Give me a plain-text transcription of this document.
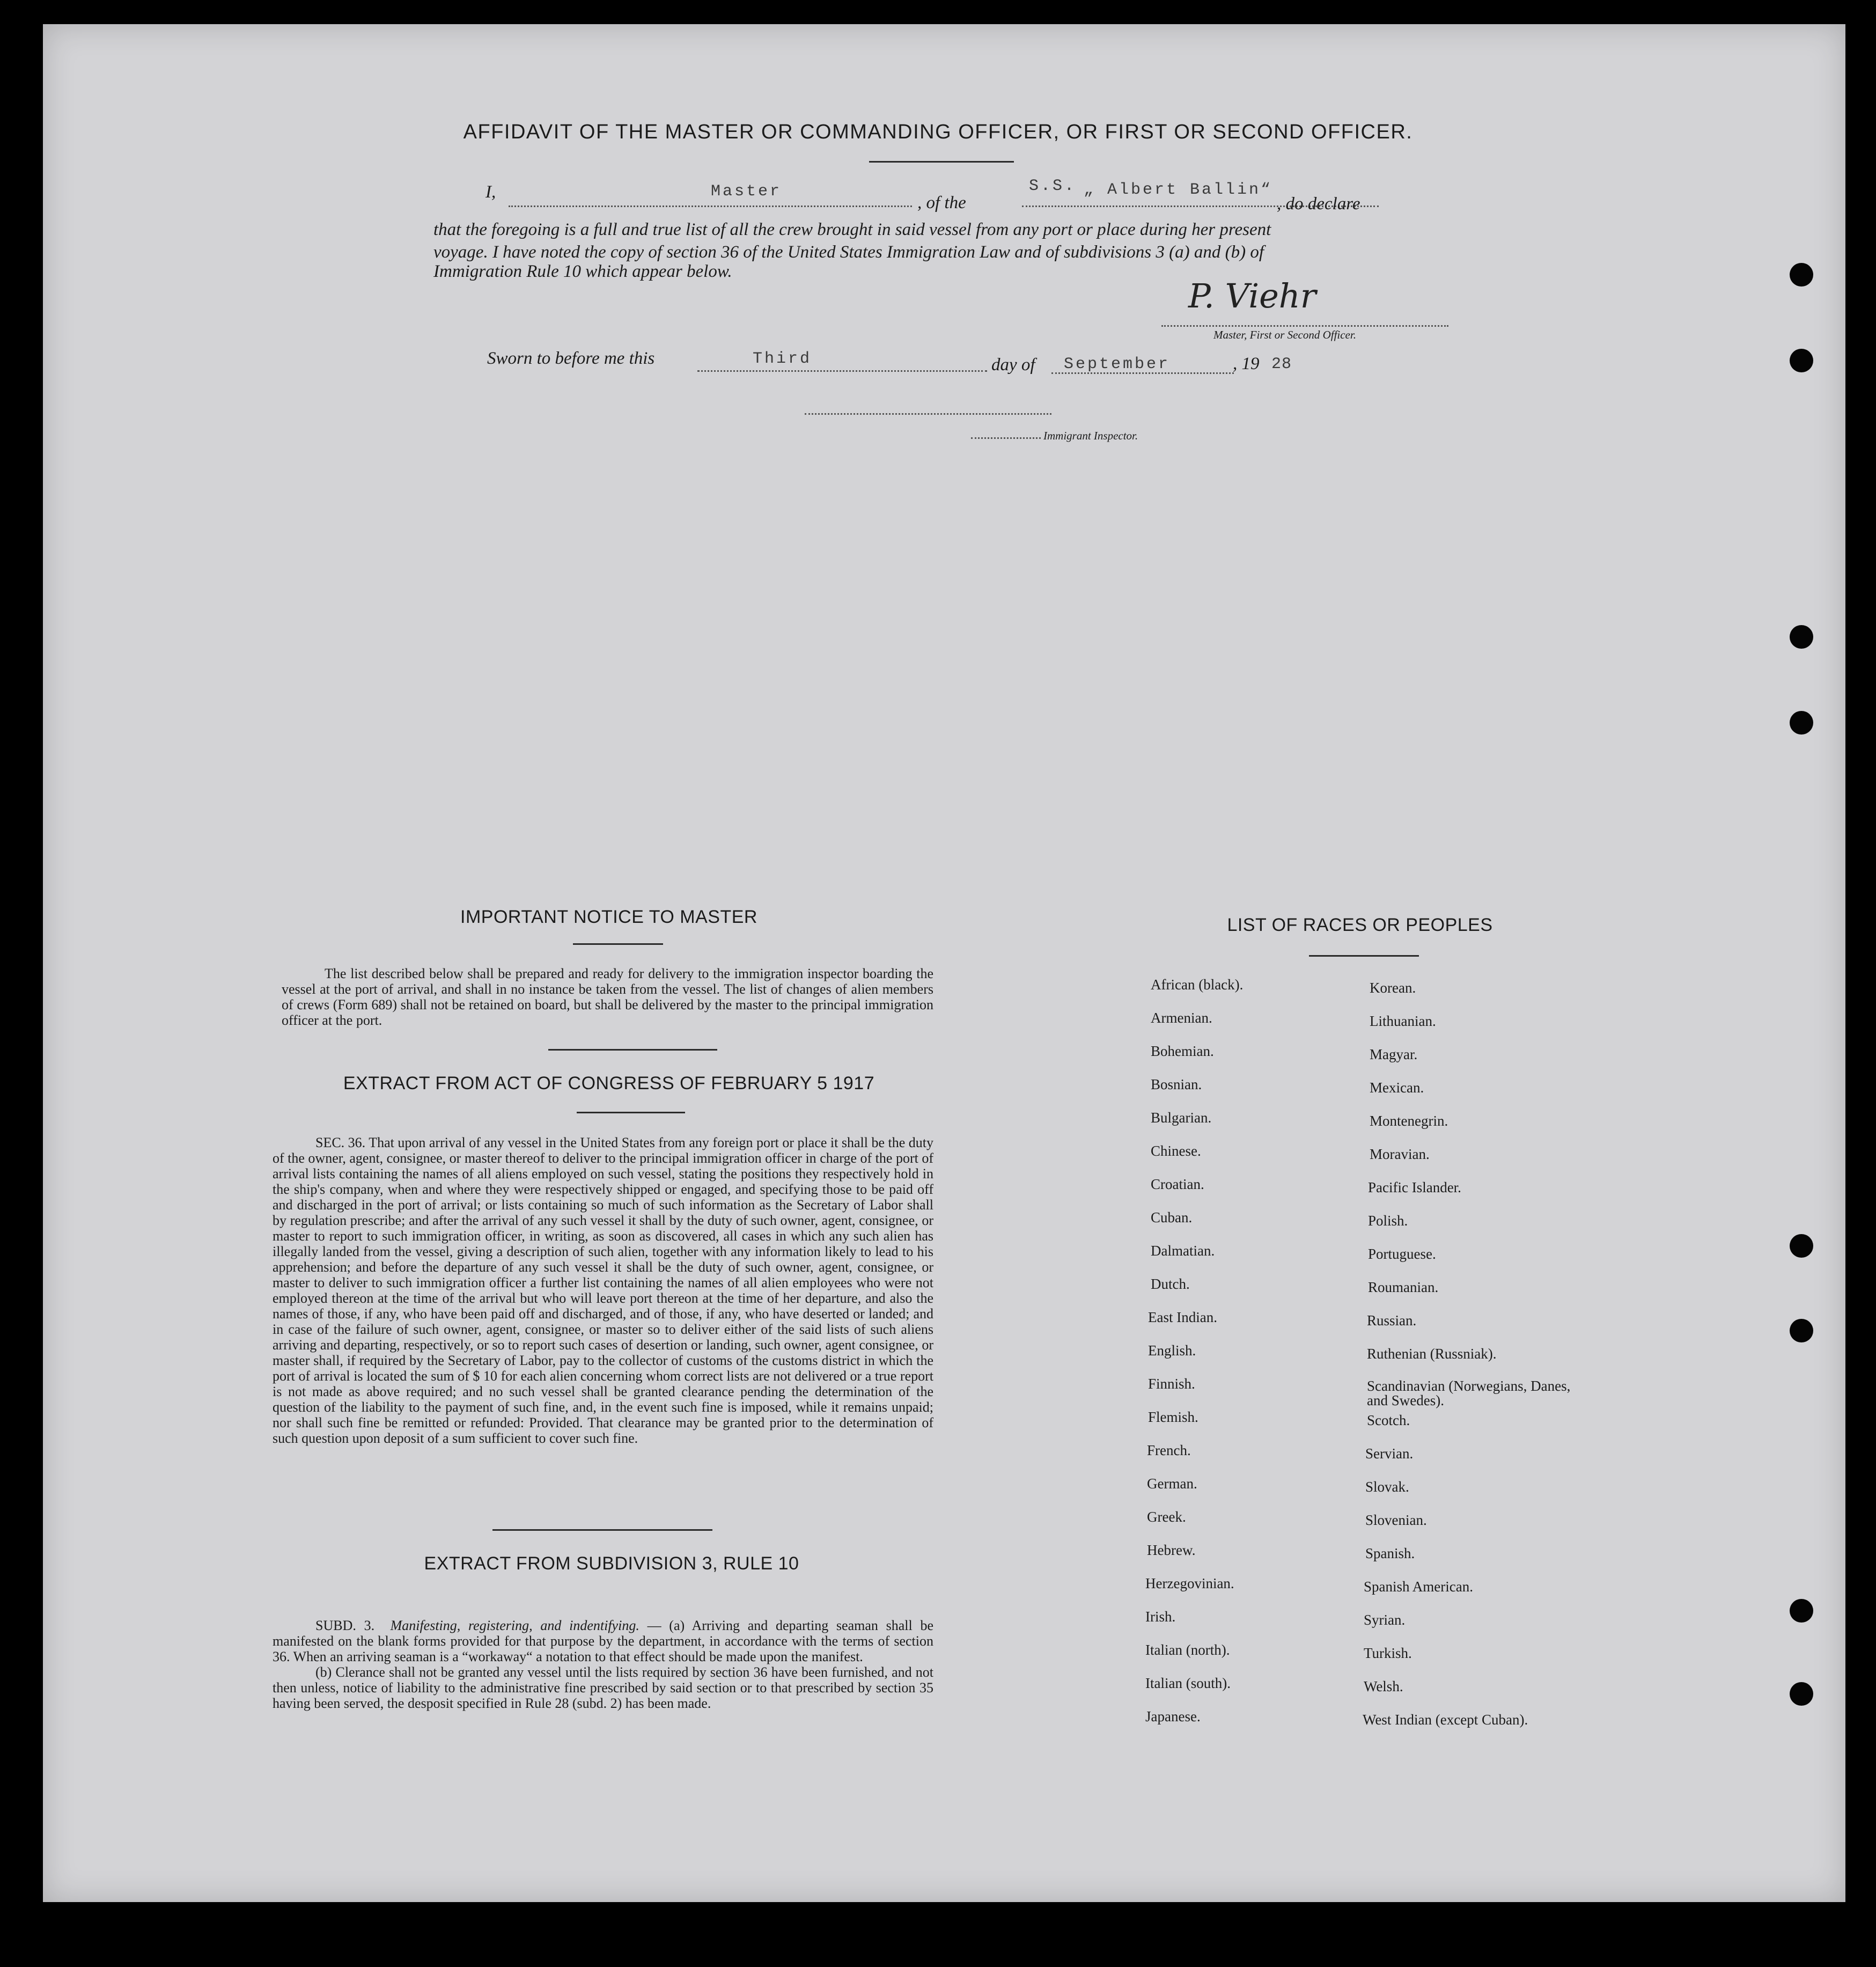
AFFIDAVIT OF THE MASTER OR COMMANDING OFFICER, OR FIRST OR SECOND OFFICER.
I,	Master
, of the
S.S. „ Albert Ballin“
, do declare
that the foregoing is a full and true list of all the crew brought in said vessel from any port or place during her present
voyage. I have noted the copy of section 36 of the United States Immigration Law and of subdivisions 3 (a) and (b) of
Immigration Rule 10 which appear below.
P. Viehr
Master, First or Second Officer.
Sworn to before me this	Third	day of September	, 19 28
Immigrant Inspector.
IMPORTANT NOTICE TO MASTER

The list described below shall be prepared and ready for delivery to the immigration inspector boarding the vessel at the port of arrival, and shall in no instance be taken from the vessel. The list of changes of alien members of crews (Form 689) shall not be retained on board, but shall be delivered by the master to the principal immigration officer at the port.

EXTRACT FROM ACT OF CONGRESS OF FEBRUARY 5 1917

SEC. 36. That upon arrival of any vessel in the United States from any foreign port or place it shall be the duty of the owner, agent, consignee, or master thereof to deliver to the principal immigration officer in charge of the port of arrival lists containing the names of all aliens employed on such vessel, stating the positions they respectively hold in the ship's company, when and where they were respectively shipped or engaged, and specifying those to be paid off and discharged in the port of arrival; or lists containing so much of such information as the Secretary of Labor shall by regulation prescribe; and after the arrival of any such vessel it shall by the duty of such owner, agent, consignee, or master to report to such immigration officer, in writing, as soon as discovered, all cases in which any such alien has illegally landed from the vessel, giving a description of such alien, together with any information likely to lead to his apprehension; and before the departure of any such vessel it shall be the duty of such owner, agent, consignee, or master to deliver to such immigration officer a further list containing the names of all alien employees who were not employed thereon at the time of the arrival but who will leave port thereon at the time of her departure, and also the names of those, if any, who have been paid off and discharged, and of those, if any, who have deserted or landed; and in case of the failure of such owner, agent, consignee, or master so to deliver either of the said lists of such aliens arriving and departing, respectively, or so to report such cases of desertion or landing, such owner, agent consignee, or master shall, if required by the Secretary of Labor, pay to the collector of customs of the customs district in which the port of arrival is located the sum of $ 10 for each alien concerning whom correct lists are not delivered or a true report is not made as above required; and no such vessel shall be granted clearance pending the determination of the question of the liability to the payment of such fine, and, in the event such fine is imposed, while it remains unpaid; nor shall such fine be remitted or refunded: Provided. That clearance may be granted prior to the determination of such question upon deposit of a sum sufficient to cover such fine.

EXTRACT FROM SUBDIVISION 3, RULE 10

SUBD. 3. Manifesting, registering, and indentifying. — (a) Arriving and departing seaman shall be manifested on the blank forms provided for that purpose by the department, in accordance with the terms of section 36. When an arriving seaman is a “workaway“ a notation to that effect should be made upon the manifest.

(b) Clerance shall not be granted any vessel until the lists required by section 36 have been furnished, and not then unless, notice of liability to the administrative fine prescribed by said section or to that prescribed by section 35 having been served, the desposit specified in Rule 28 (subd. 2) has been made.

LIST OF RACES OR PEOPLES
African (black).
Armenian.
Bohemian.
Bosnian.
Bulgarian.
Chinese.
Croatian.
Cuban.
Dalmatian.
Dutch.
East Indian.
English.
Finnish.
Flemish.
French.
German.
Greek.
Hebrew.
Herzegovinian.
Irish.
Italian (north).
Italian (south).
Japanese.
Korean.
Lithuanian.
Magyar.
Mexican.
Montenegrin.
Moravian.
Pacific Islander.
Polish.
Portuguese.
Roumanian.
Russian.
Ruthenian (Russniak).
Scandinavian (Norwegians, Danes, and Swedes).
Scotch.
Servian.
Slovak.
Slovenian.
Spanish.
Spanish American.
Syrian.
Turkish.
Welsh.
West Indian (except Cuban).
